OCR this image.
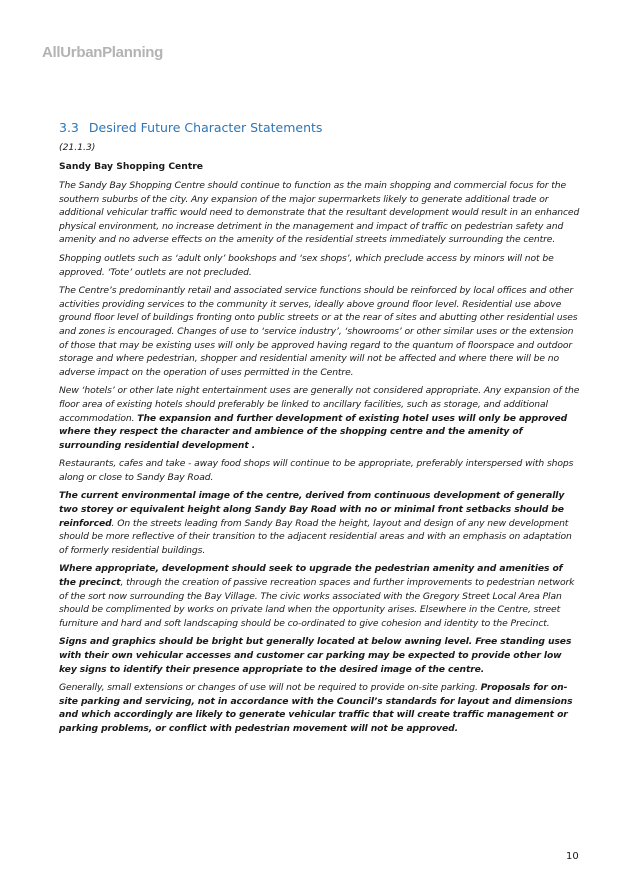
AllUrbanPlanning
3.3 Desired Future Character Statements
(21.1.3)
Sandy Bay Shopping Centre

The Sandy Bay Shopping Centre should continue to function as the main shopping and commercial focus for the southern suburbs of the city. Any expansion of the major supermarkets likely to generate additional trade or additional vehicular traffic would need to demonstrate that the resultant development would result in an enhanced physical environment, no increase detriment in the management and impact of traffic on pedestrian safety and amenity and no adverse effects on the amenity of the residential streets immediately surrounding the centre.

Shopping outlets such as ‘adult only’ bookshops and ‘sex shops’, which preclude access by minors will not be approved. ‘Tote’ outlets are not precluded.

The Centre’s predominantly retail and associated service functions should be reinforced by local offices and other activities providing services to the community it serves, ideally above ground floor level. Residential use above ground floor level of buildings fronting onto public streets or at the rear of sites and abutting other residential uses and zones is encouraged. Changes of use to ‘service industry’, ‘showrooms’ or other similar uses or the extension of those that may be existing uses will only be approved having regard to the quantum of floorspace and outdoor storage and where pedestrian, shopper and residential amenity will not be affected and where there will be no adverse impact on the operation of uses permitted in the Centre.

New ‘hotels’ or other late night entertainment uses are generally not considered appropriate. Any expansion of the floor area of existing hotels should preferably be linked to ancillary facilities, such as storage, and additional accommodation. The expansion and further development of existing hotel uses will only be approved where they respect the character and ambience of the shopping centre and the amenity of surrounding residential development .

Restaurants, cafes and take - away food shops will continue to be appropriate, preferably interspersed with shops along or close to Sandy Bay Road.

The current environmental image of the centre, derived from continuous development of generally two storey or equivalent height along Sandy Bay Road with no or minimal front setbacks should be reinforced. On the streets leading from Sandy Bay Road the height, layout and design of any new development should be more reflective of their transition to the adjacent residential areas and with an emphasis on adaptation of formerly residential buildings.

Where appropriate, development should seek to upgrade the pedestrian amenity and amenities of the precinct, through the creation of passive recreation spaces and further improvements to pedestrian network of the sort now surrounding the Bay Village. The civic works associated with the Gregory Street Local Area Plan should be complimented by works on private land when the opportunity arises. Elsewhere in the Centre, street furniture and hard and soft landscaping should be co-ordinated to give cohesion and identity to the Precinct.

Signs and graphics should be bright but generally located at below awning level. Free standing uses with their own vehicular accesses and customer car parking may be expected to provide other low key signs to identify their presence appropriate to the desired image of the centre.

Generally, small extensions or changes of use will not be required to provide on-site parking. Proposals for on-site parking and servicing, not in accordance with the Council’s standards for layout and dimensions and which accordingly are likely to generate vehicular traffic that will create traffic management or parking problems, or conflict with pedestrian movement will not be approved.

10
